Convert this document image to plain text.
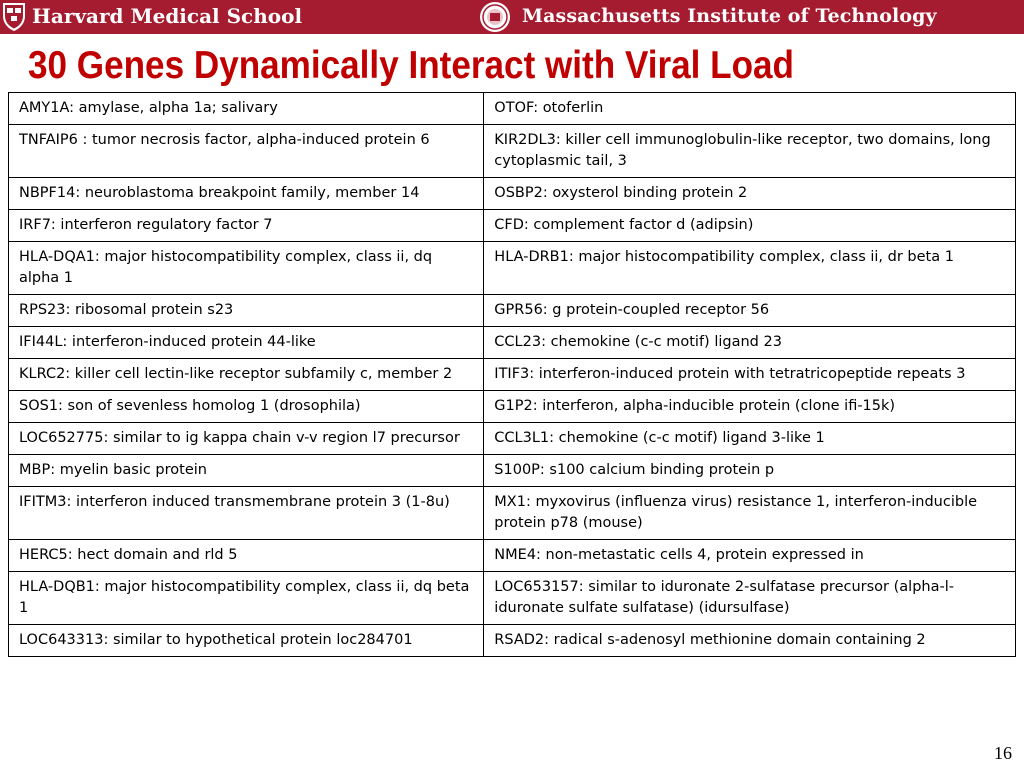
Harvard Medical School	Massachusetts Institute of Technology
30 Genes Dynamically Interact with Viral Load
AMY1A: amylase, alpha 1a; salivary	OTOF: otoferlin
TNFAIP6 : tumor necrosis factor, alpha-induced protein 6	KIR2DL3: killer cell immunoglobulin-like receptor, two domains, long cytoplasmic tail, 3
NBPF14: neuroblastoma breakpoint family, member 14	OSBP2: oxysterol binding protein 2
IRF7: interferon regulatory factor 7	CFD: complement factor d (adipsin)
HLA-DQA1: major histocompatibility complex, class ii, dq alpha 1	HLA-DRB1: major histocompatibility complex, class ii, dr beta 1
RPS23: ribosomal protein s23	GPR56: g protein-coupled receptor 56
IFI44L: interferon-induced protein 44-like	CCL23: chemokine (c-c motif) ligand 23
KLRC2: killer cell lectin-like receptor subfamily c, member 2	ITIF3: interferon-induced protein with tetratricopeptide repeats 3
SOS1: son of sevenless homolog 1 (drosophila)	G1P2: interferon, alpha-inducible protein (clone ifi-15k)
LOC652775: similar to ig kappa chain v-v region l7 precursor	CCL3L1: chemokine (c-c motif) ligand 3-like 1
MBP: myelin basic protein	S100P: s100 calcium binding protein p
IFITM3: interferon induced transmembrane protein 3 (1-8u)	MX1: myxovirus (influenza virus) resistance 1, interferon-inducible protein p78 (mouse)
HERC5: hect domain and rld 5	NME4: non-metastatic cells 4, protein expressed in
HLA-DQB1: major histocompatibility complex, class ii, dq beta 1	LOC653157: similar to iduronate 2-sulfatase precursor (alpha-l-iduronate sulfate sulfatase) (idursulfase)
LOC643313: similar to hypothetical protein loc284701	RSAD2: radical s-adenosyl methionine domain containing 2
16
